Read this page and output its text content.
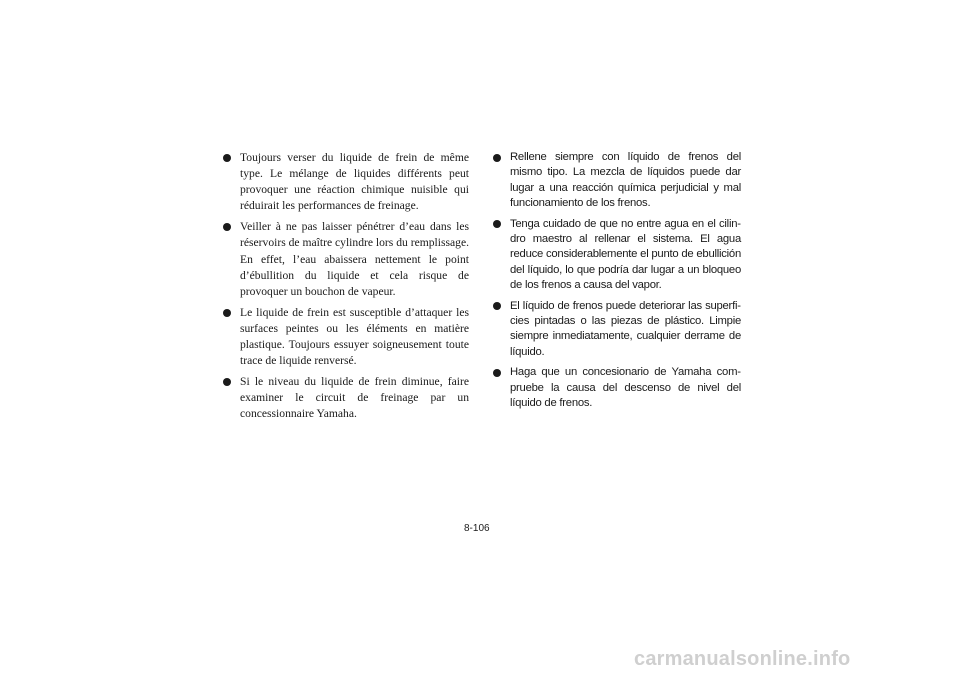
Toujours verser du liquide de frein de même type. Le mélange de liquides différents peut provoquer une réaction chimique nuisible qui réduirait les performances de freinage.
Veiller à ne pas laisser pénétrer d’eau dans les réservoirs de maître cylindre lors du remplissage. En effet, l’eau abaissera nettement le point d’ébullition du liquide et cela risque de provoquer un bouchon de vapeur.
Le liquide de frein est susceptible d’attaquer les surfaces peintes ou les éléments en matière plastique. Toujours essuyer soigneusement toute trace de liquide renversé.
Si le niveau du liquide de frein diminue, faire examiner le circuit de freinage par un concessionnaire Yamaha.
Rellene siempre con líquido de frenos del mismo tipo. La mezcla de líquidos puede dar lugar a una reacción química perjudicial y mal funcionamiento de los frenos.
Tenga cuidado de que no entre agua en el cilindro maestro al rellenar el sistema. El agua reduce considerablemente el punto de ebullición del líquido, lo que podría dar lugar a un bloqueo de los frenos a causa del vapor.
El líquido de frenos puede deteriorar las superficies pintadas o las piezas de plástico. Limpie siempre inmediatamente, cualquier derrame de líquido.
Haga que un concesionario de Yamaha compruebe la causa del descenso de nivel del líquido de frenos.
8-106
carmanualsonline.info
